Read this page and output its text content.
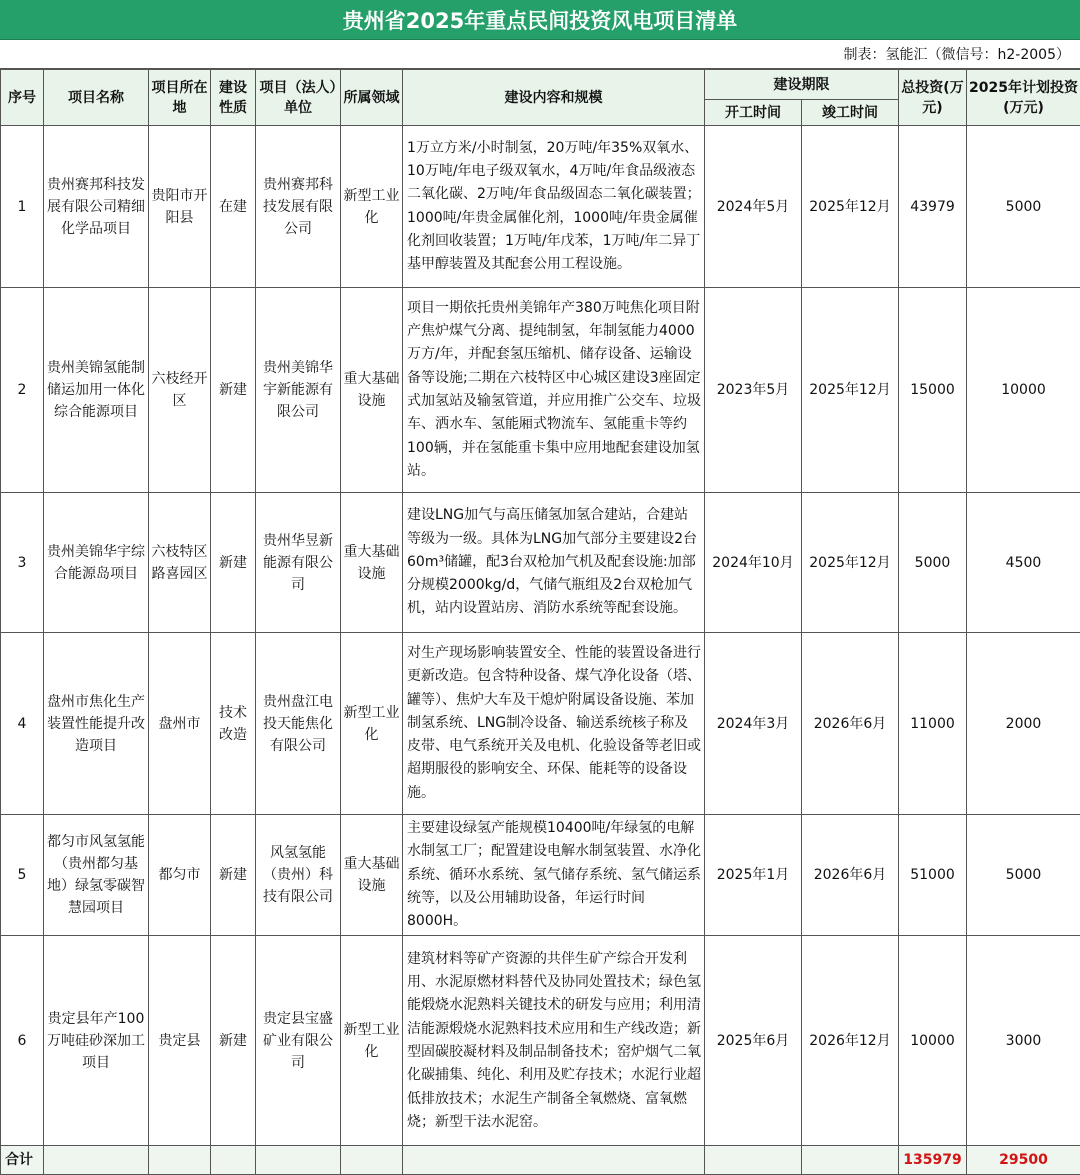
贵州省2025年重点民间投资风电项目清单
制表：氢能汇（微信号：h2-2005）
序号	项目名称	项目所在地	建设性质	项目（法人）单位	所属领域	建设内容和规模	建设期限		总投资(万元)	2025年计划投资(万元)
							开工时间	竣工时间		
1	贵州赛邦科技发展有限公司精细化学品项目	贵阳市开阳县	在建	贵州赛邦科技发展有限公司	新型工业化	1万立方米/小时制氢，20万吨/年35%双氧水、10万吨/年电子级双氧水，4万吨/年食品级液态二氧化碳、2万吨/年食品级固态二氧化碳装置；1000吨/年贵金属催化剂，1000吨/年贵金属催化剂回收装置；1万吨/年戊苯，1万吨/年二异丁基甲醇装置及其配套公用工程设施。	2024年5月	2025年12月	43979	5000
2	贵州美锦氢能制储运加用一体化综合能源项目	六枝经开区	新建	贵州美锦华宇新能源有限公司	重大基础设施	项目一期依托贵州美锦年产380万吨焦化项目附产焦炉煤气分离、提纯制氢，年制氢能力4000万方/年，并配套氢压缩机、储存设备、运输设备等设施;二期在六枝特区中心城区建设3座固定式加氢站及输氢管道，并应用推广公交车、垃圾车、洒水车、氢能厢式物流车、氢能重卡等约100辆，并在氢能重卡集中应用地配套建设加氢站。	2023年5月	2025年12月	15000	10000
3	贵州美锦华宇综合能源岛项目	六枝特区路喜园区	新建	贵州华昱新能源有限公司	重大基础设施	建设LNG加气与高压储氢加氢合建站，合建站等级为一级。具体为LNG加气部分主要建设2台60m³储罐，配3台双枪加气机及配套设施:加部分规模2000kg/d，气储气瓶组及2台双枪加气机，站内设置站房、消防水系统等配套设施。	2024年10月	2025年12月	5000	4500
4	盘州市焦化生产装置性能提升改造项目	盘州市	技术改造	贵州盘江电投天能焦化有限公司	新型工业化	对生产现场影响装置安全、性能的装置设备进行更新改造。包含特种设备、煤气净化设备（塔、罐等）、焦炉大车及干熄炉附属设备设施、苯加制氢系统、LNG制冷设备、输送系统核子称及皮带、电气系统开关及电机、化验设备等老旧或超期服役的影响安全、环保、能耗等的设备设施。	2024年3月	2026年6月	11000	2000
5	都匀市风氢氢能（贵州都匀基地）绿氢零碳智慧园项目	都匀市	新建	风氢氢能（贵州）科技有限公司	重大基础设施	主要建设绿氢产能规模10400吨/年绿氢的电解水制氢工厂；配置建设电解水制氢装置、水净化系统、循环水系统、氢气储存系统、氢气储运系统等，以及公用辅助设备，年运行时间8000H。	2025年1月	2026年6月	51000	5000
6	贵定县年产100万吨硅砂深加工项目	贵定县	新建	贵定县宝盛矿业有限公司	新型工业化	建筑材料等矿产资源的共伴生矿产综合开发利用、水泥原燃材料替代及协同处置技术；绿色氢能煅烧水泥熟料关键技术的研发与应用；利用清洁能源煅烧水泥熟料技术应用和生产线改造；新型固碳胶凝材料及制品制备技术；窑炉烟气二氧化碳捕集、纯化、利用及贮存技术；水泥行业超低排放技术；水泥生产制备全氧燃烧、富氧燃烧；新型干法水泥窑。	2025年6月	2026年12月	10000	3000
合计									135979	29500
